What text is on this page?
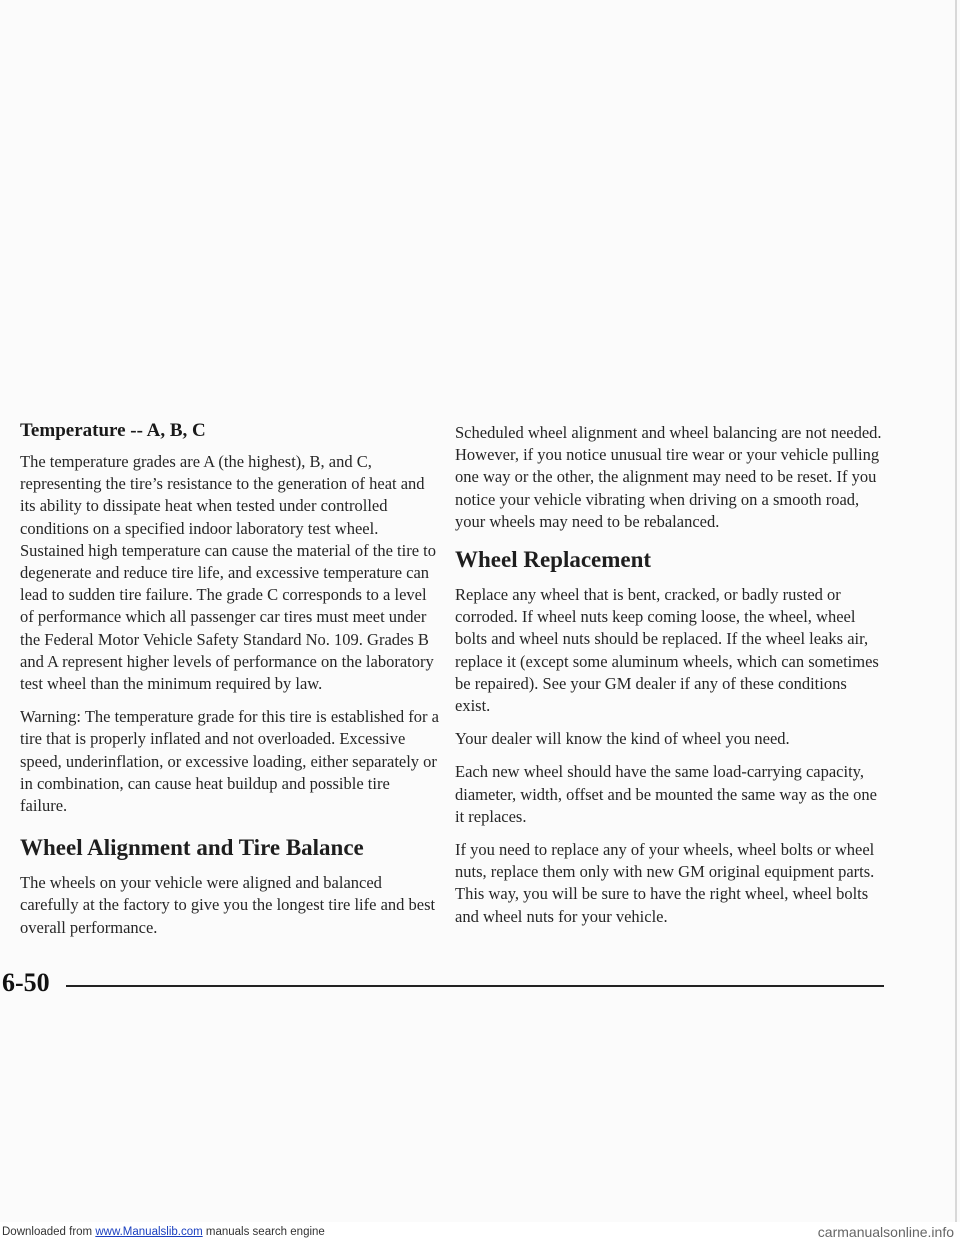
Temperature -- A, B, C

The temperature grades are A (the highest), B, and C, representing the tire’s resistance to the generation of heat and its ability to dissipate heat when tested under controlled conditions on a specified indoor laboratory test wheel. Sustained high temperature can cause the material of the tire to degenerate and reduce tire life, and excessive temperature can lead to sudden tire failure. The grade C corresponds to a level of performance which all passenger car tires must meet under the Federal Motor Vehicle Safety Standard No. 109. Grades B and A represent higher levels of performance on the laboratory test wheel than the minimum required by law.

Warning: The temperature grade for this tire is established for a tire that is properly inflated and not overloaded. Excessive speed, underinflation, or excessive loading, either separately or in combination, can cause heat buildup and possible tire failure.

Wheel Alignment and Tire Balance

The wheels on your vehicle were aligned and balanced carefully at the factory to give you the longest tire life and best overall performance.

Scheduled wheel alignment and wheel balancing are not needed. However, if you notice unusual tire wear or your vehicle pulling one way or the other, the alignment may need to be reset. If you notice your vehicle vibrating when driving on a smooth road, your wheels may need to be rebalanced.

Wheel Replacement

Replace any wheel that is bent, cracked, or badly rusted or corroded. If wheel nuts keep coming loose, the wheel, wheel bolts and wheel nuts should be replaced. If the wheel leaks air, replace it (except some aluminum wheels, which can sometimes be repaired). See your GM dealer if any of these conditions exist.

Your dealer will know the kind of wheel you need.

Each new wheel should have the same load-carrying capacity, diameter, width, offset and be mounted the same way as the one it replaces.

If you need to replace any of your wheels, wheel bolts or wheel nuts, replace them only with new GM original equipment parts. This way, you will be sure to have the right wheel, wheel bolts and wheel nuts for your vehicle.

6-50
Downloaded from www.Manualslib.com manuals search engine	carmanualsonline.info
